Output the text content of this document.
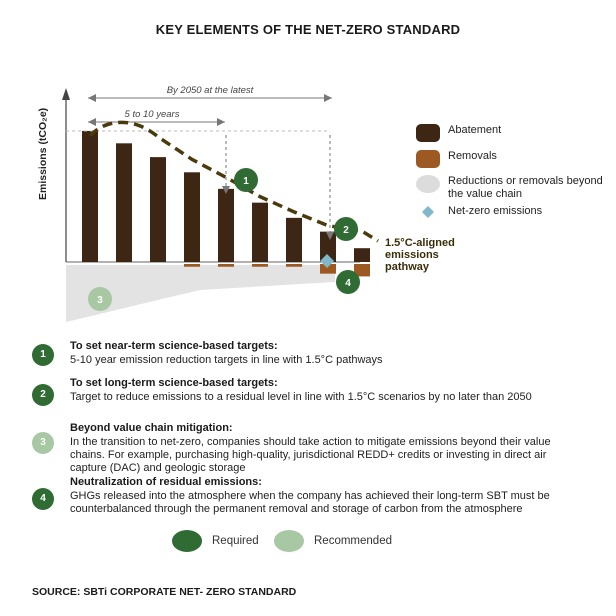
KEY ELEMENTS OF THE NET-ZERO STANDARD
Emissions (tCO₂e)
By 2050 at the latest
5 to 10 years
1.5°C-aligned
emissions
pathway
1
2
3
4
Abatement
Removals
Reductions or removals beyond the value chain
Net-zero emissions
1
To set near-term science-based targets:
5-10 year emission reduction targets in line with 1.5°C pathways
2
To set long-term science-based targets:
Target to reduce emissions to a residual level in line with 1.5°C scenarios by no later than 2050
3
Beyond value chain mitigation:
In the transition to net-zero, companies should take action to mitigate emissions beyond their value chains. For example, purchasing high-quality, jurisdictional REDD+ credits or investing in direct air capture (DAC) and geologic storage
4
Neutralization of residual emissions:
GHGs released into the atmosphere when the company has achieved their long-term SBT must be counterbalanced through the permanent removal and storage of carbon from the atmosphere
Required	Recommended
SOURCE: SBTi CORPORATE NET- ZERO STANDARD
